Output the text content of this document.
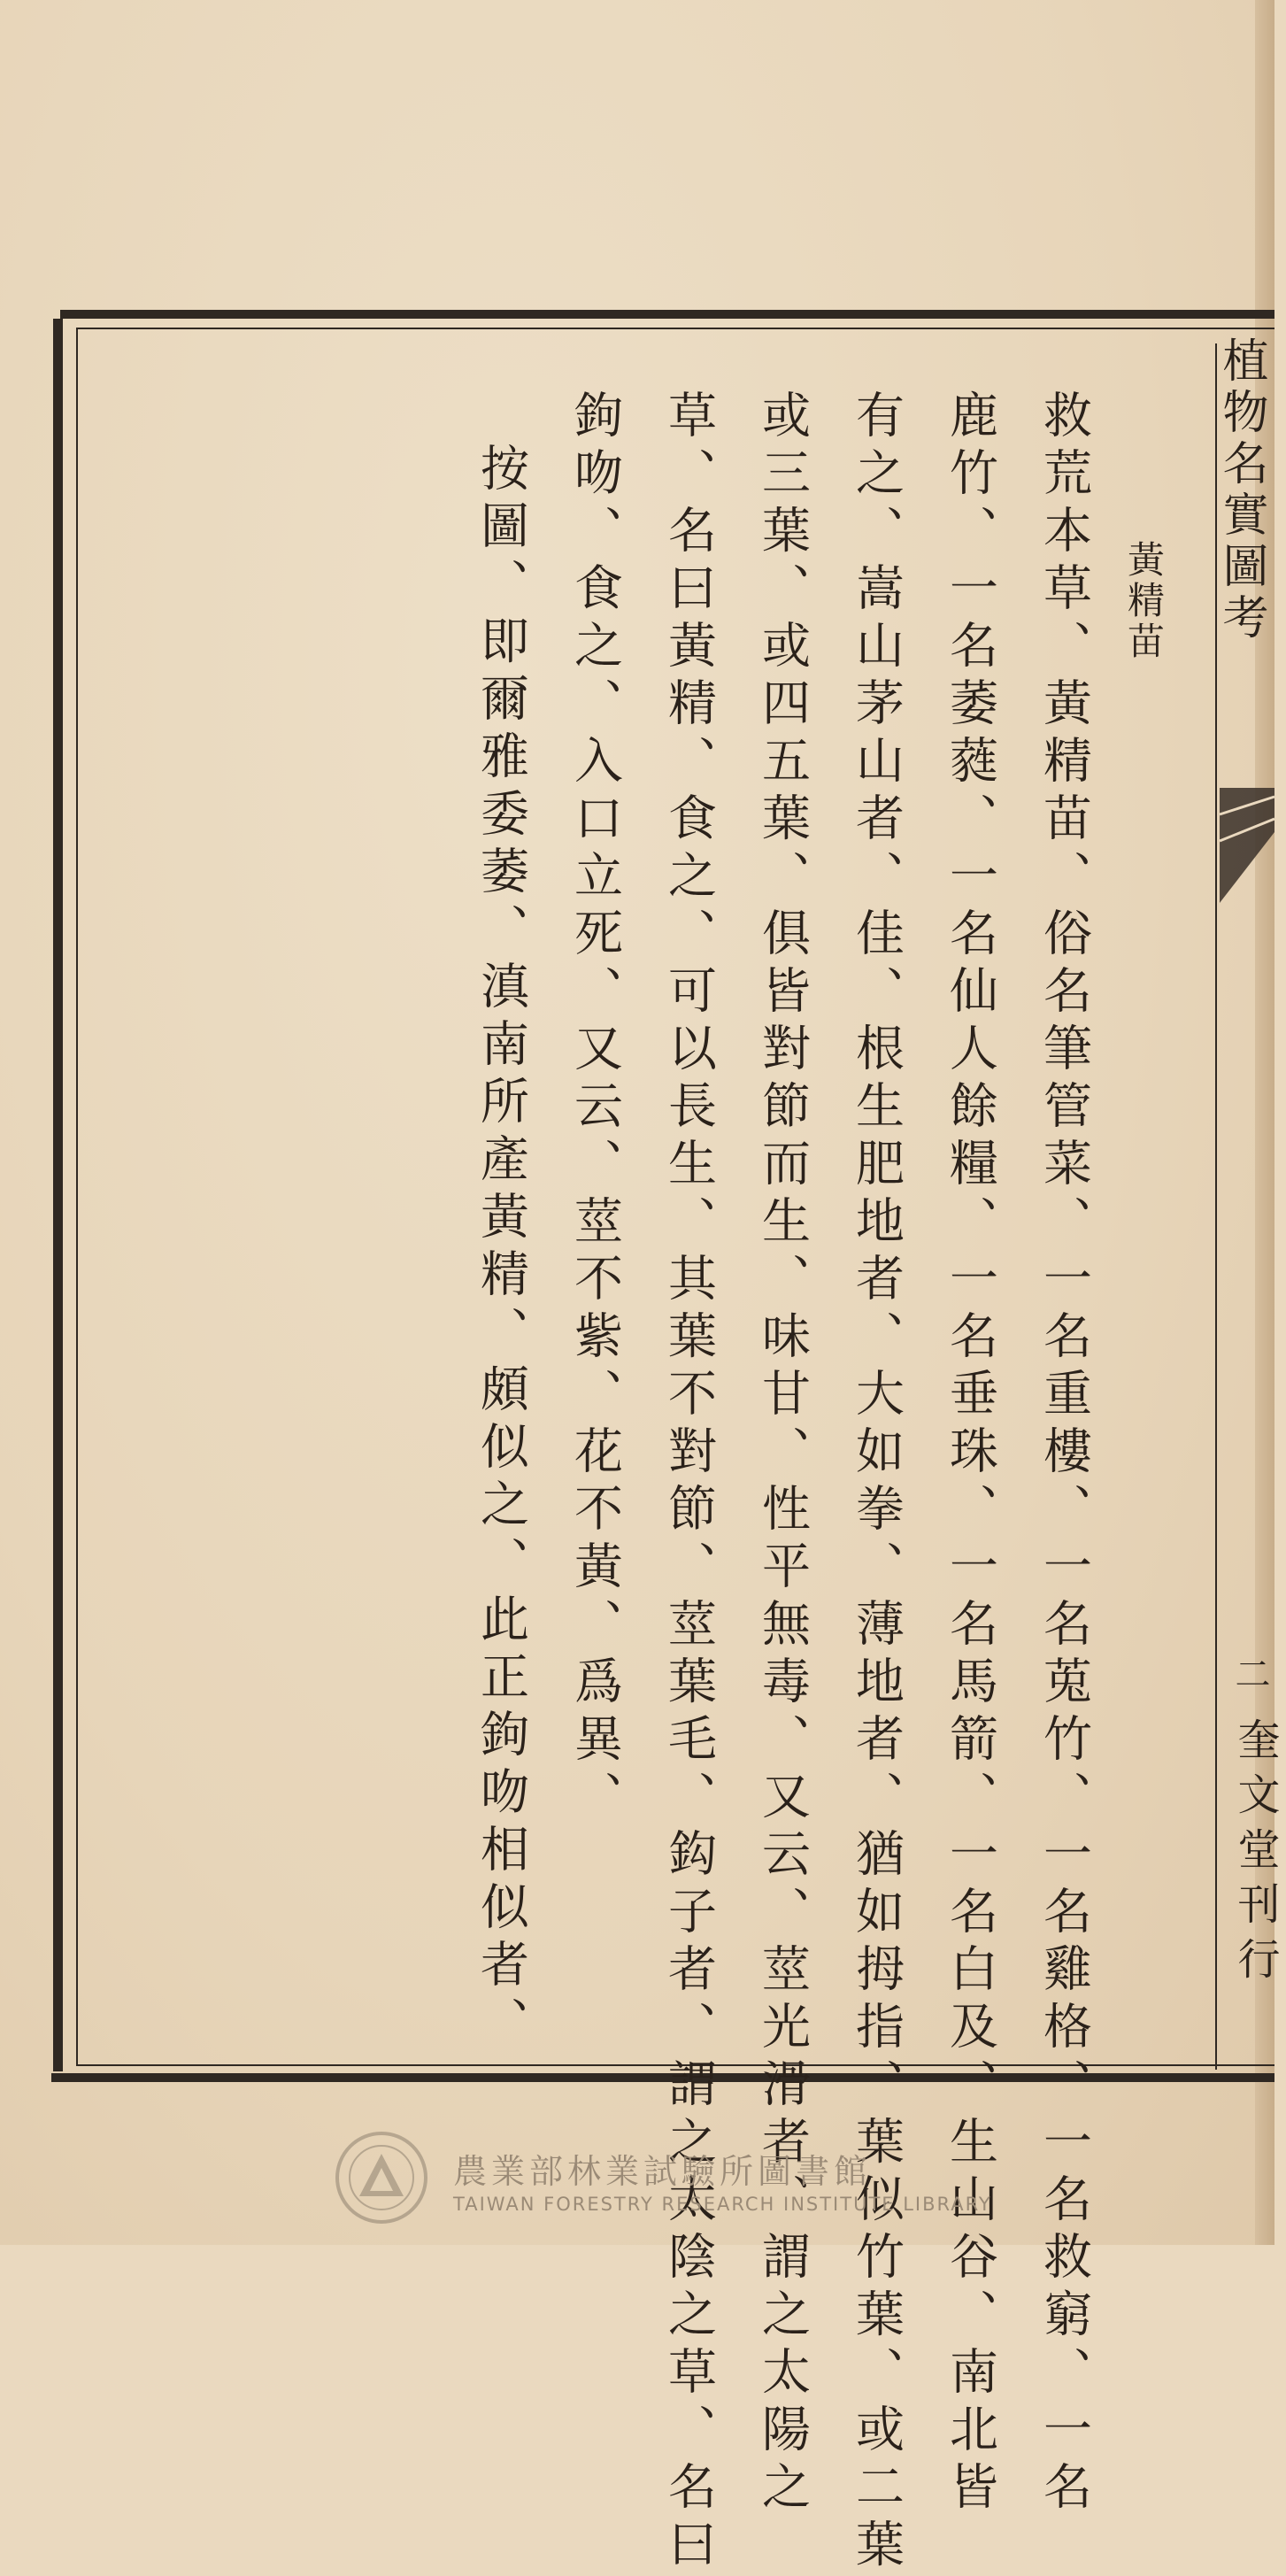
植物名實圖考
二
奎文堂刊行
黃精苗
救荒本草、黃精苗、俗名筆管菜、一名重樓、一名莵竹、一名雞格、一名救窮、一名
鹿竹、一名萎蕤、一名仙人餘糧、一名垂珠、一名馬箭、一名白及、生山谷、南北皆
有之、嵩山茅山者、佳、根生肥地者、大如拳、薄地者、猶如拇指、葉似竹葉、或二葉
或三葉、或四五葉、俱皆對節而生、味甘、性平無毒、又云、莖光滑者、謂之太陽之
草、名曰黃精、食之、可以長生、其葉不對節、莖葉毛、鈎子者、謂之太陰之草、名曰
鉤吻、食之、入口立死、又云、莖不紫、花不黃、爲異、
按圖、即爾雅委萎、滇南所產黃精、頗似之、此正鉤吻相似者、
農業部林業試驗所圖書館
TAIWAN FORESTRY RESEARCH INSTITUTE LIBRARY
